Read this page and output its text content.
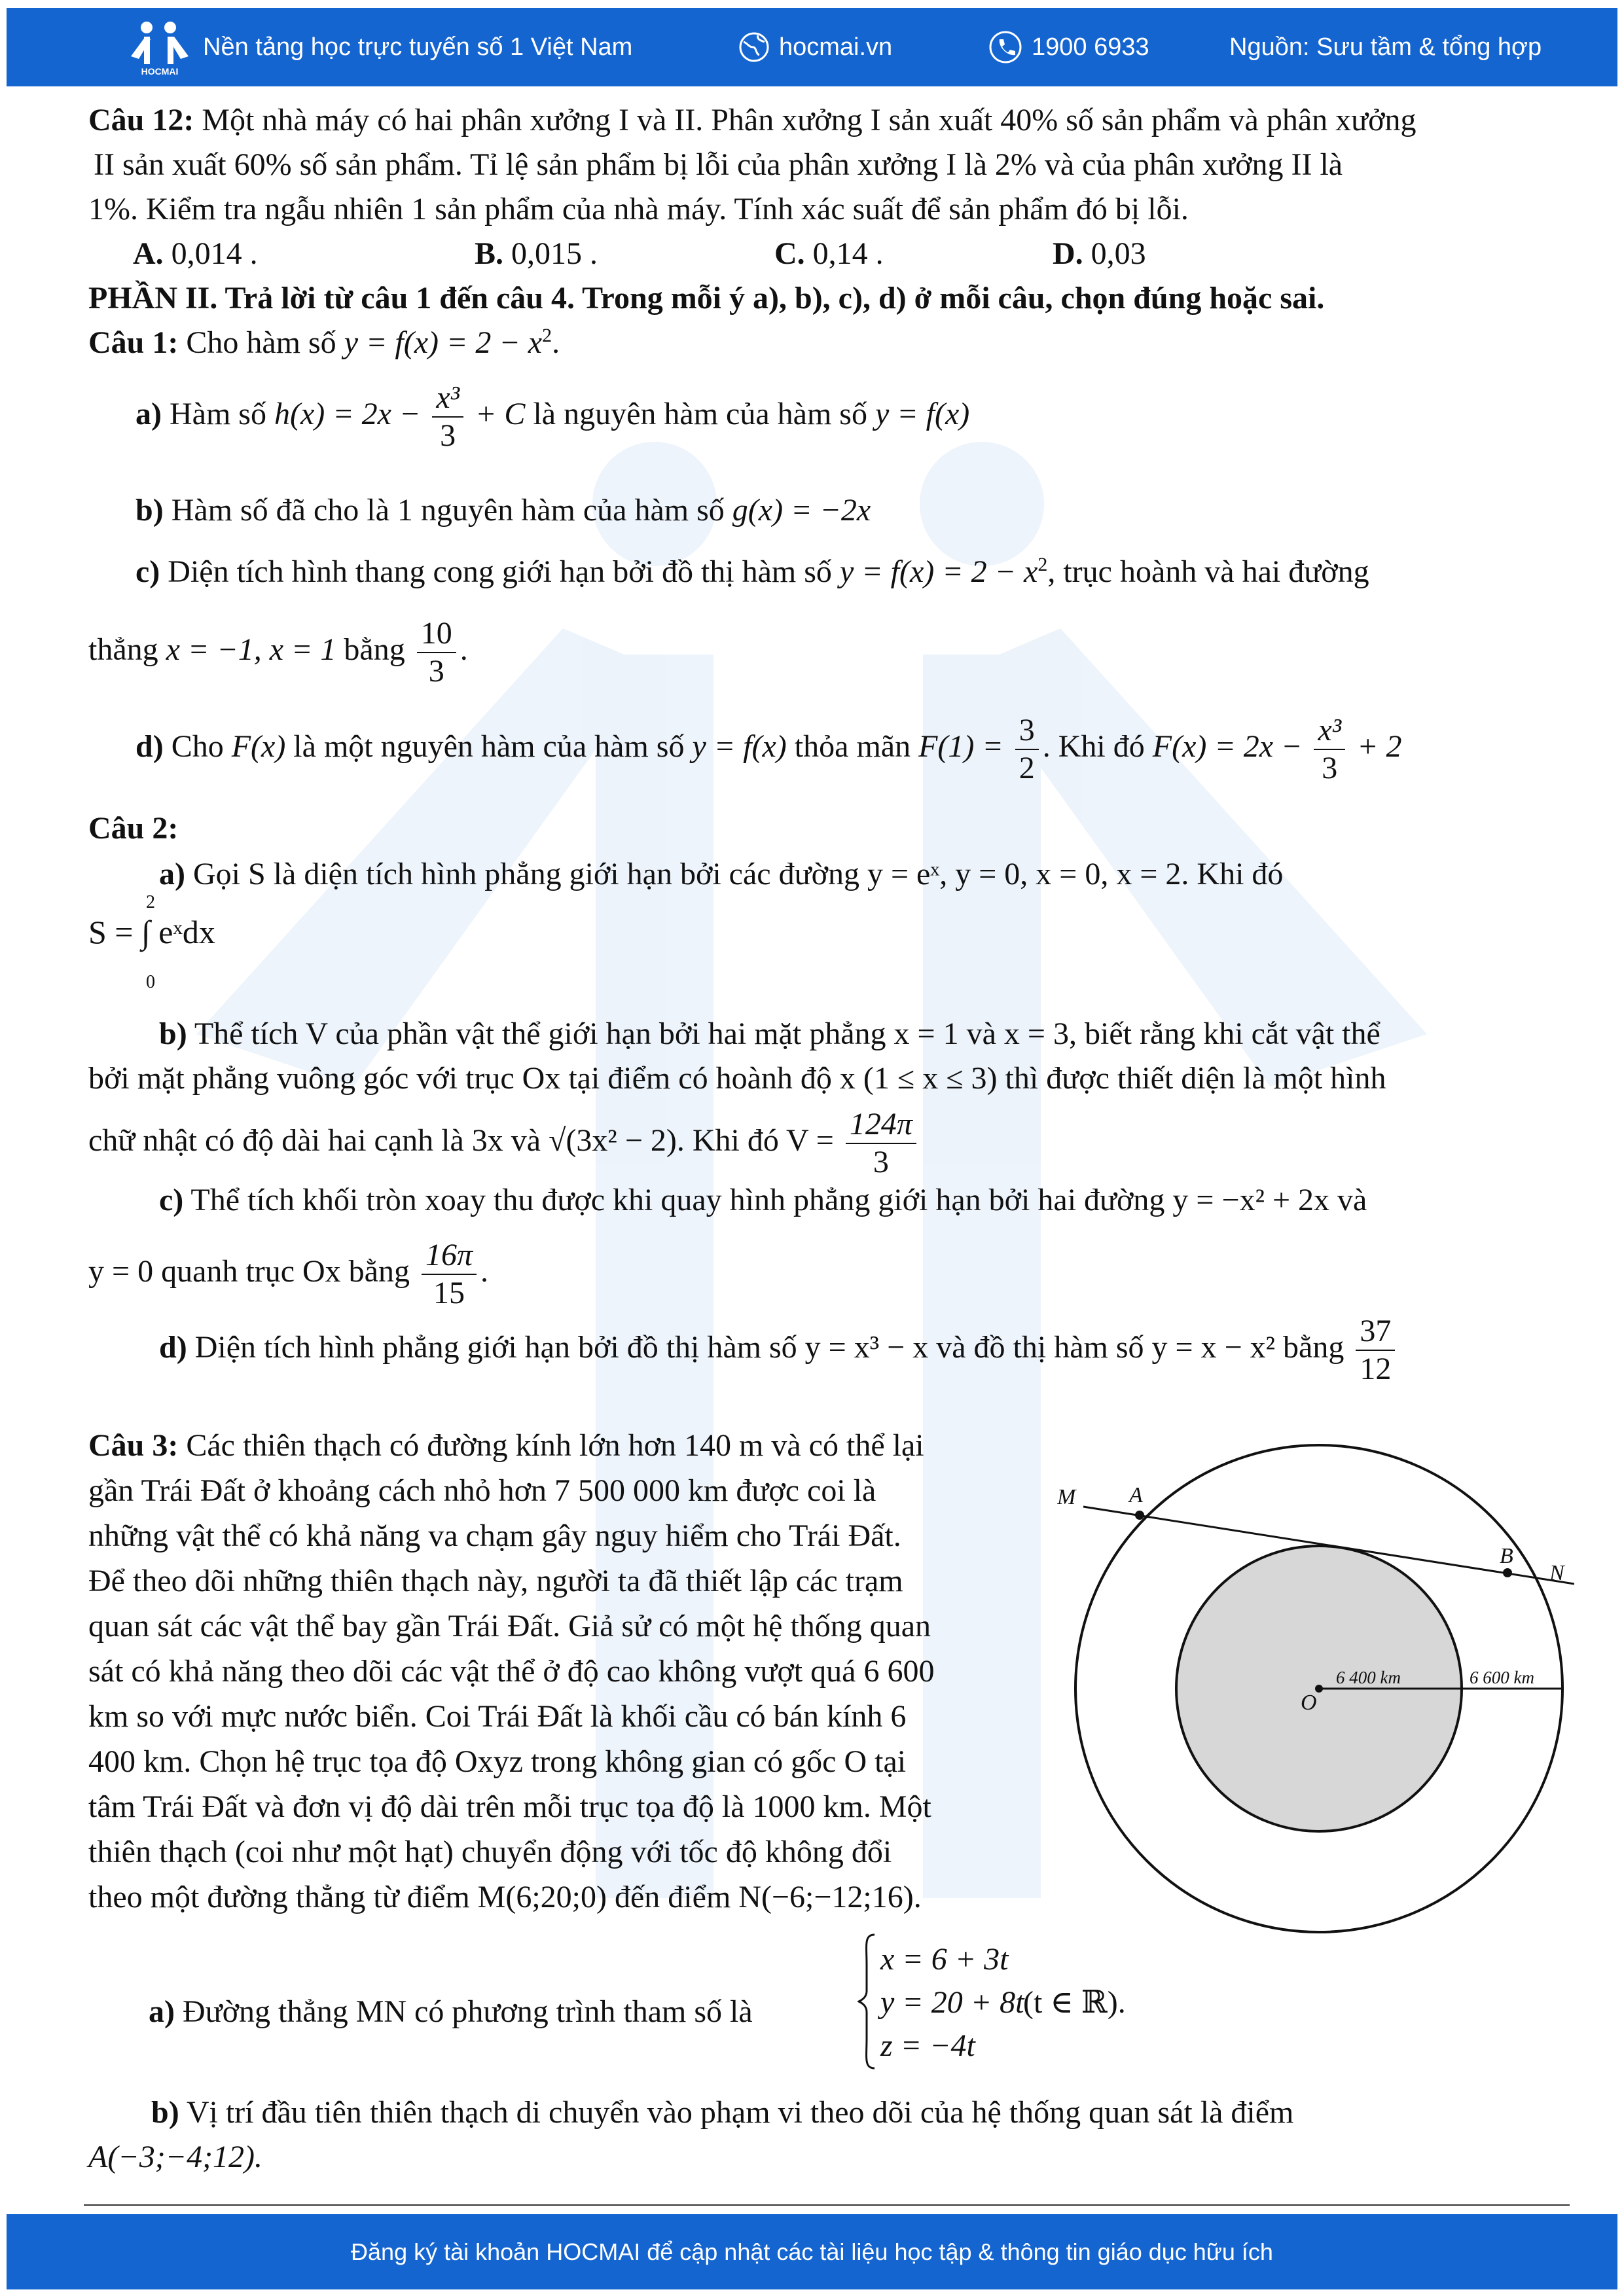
HOCMAI
Nền tảng học trực tuyến số 1 Việt Nam	hocmai.vn	1900 6933	Nguồn: Sưu tầm & tổng hợp
Câu 12: Một nhà máy có hai phân xưởng I và II. Phân xưởng I sản xuất 40% số sản phẩm và phân xưởng
II sản xuất 60% số sản phẩm. Tỉ lệ sản phẩm bị lỗi của phân xưởng I là 2% và của phân xưởng II là
1%. Kiểm tra ngẫu nhiên 1 sản phẩm của nhà máy. Tính xác suất để sản phẩm đó bị lỗi.
A. 0,014 .	B. 0,015 .	C. 0,14 .	D. 0,03
PHẦN II. Trả lời từ câu 1 đến câu 4. Trong mỗi ý a), b), c), d) ở mỗi câu, chọn đúng hoặc sai.
Câu 1: Cho hàm số $y = f(x) = 2 - x^2$.
a) Hàm số $h(x) = 2x - \frac{\text{x³}}{3} + C$ là nguyên hàm của hàm số y = f(x)
b) Hàm số đã cho là 1 nguyên hàm của hàm số g(x) = −2x
c) Diện tích hình thang cong giới hạn bởi đồ thị hàm số $y = f(x) = 2 - x^2$, trục hoành và hai đường
thẳng x = −1, x = 1 bằng $\frac{10}{3}$ .
d) Cho F(x) là một nguyên hàm của hàm số y = f(x) thỏa mãn $F(1) = \frac{3}{2}$ . Khi đó $F(x) = 2x - \frac{\text{x³}}{3} + 2$
Câu 2:
a) Gọi S là diện tích hình phẳng giới hạn bởi các đường y = eˣ, y = 0, x = 0, x = 2. Khi đó
S = ∫ eˣdx
2
0
b) Thể tích V của phần vật thể giới hạn bởi hai mặt phẳng x = 1 và x = 3, biết rằng khi cắt vật thể
bởi mặt phẳng vuông góc với trục Ox tại điểm có hoành độ x (1 ≤ x ≤ 3) thì được thiết diện là một hình
chữ nhật có độ dài hai cạnh là 3x và √(3x² − 2). Khi đó $V = \frac{124\pi}{3}$
c) Thể tích khối tròn xoay thu được khi quay hình phẳng giới hạn bởi hai đường y = −x² + 2x và
y = 0 quanh trục Ox bằng $\frac{16\pi}{15}$ .
d) Diện tích hình phẳng giới hạn bởi đồ thị hàm số y = x³ − x và đồ thị hàm số y = x − x² bằng $\frac{37}{12}$
Câu 3: Các thiên thạch có đường kính lớn hơn 140 m và có thể lại
gần Trái Đất ở khoảng cách nhỏ hơn 7 500 000 km được coi là
những vật thể có khả năng va chạm gây nguy hiểm cho Trái Đất.
Để theo dõi những thiên thạch này, người ta đã thiết lập các trạm
quan sát các vật thể bay gần Trái Đất. Giả sử có một hệ thống quan
sát có khả năng theo dõi các vật thể ở độ cao không vượt quá 6 600
km so với mực nước biển. Coi Trái Đất là khối cầu có bán kính 6
400 km. Chọn hệ trục tọa độ Oxyz trong không gian có gốc O tại
tâm Trái Đất và đơn vị độ dài trên mỗi trục tọa độ là 1000 km. Một
thiên thạch (coi như một hạt) chuyển động với tốc độ không đổi
theo một đường thẳng từ điểm M(6;20;0) đến điểm N(−6;−12;16).
M A
B
N
O
6 400 km	6 600 km
a) Đường thẳng MN có phương trình tham số là
x = 6 + 3t
y = 20 + 8t
z = −4t
(t ∈ ℝ).
b) Vị trí đầu tiên thiên thạch di chuyển vào phạm vi theo dõi của hệ thống quan sát là điểm
A(−3;−4;12).
Đăng ký tài khoản HOCMAI để cập nhật các tài liệu học tập & thông tin giáo dục hữu ích
